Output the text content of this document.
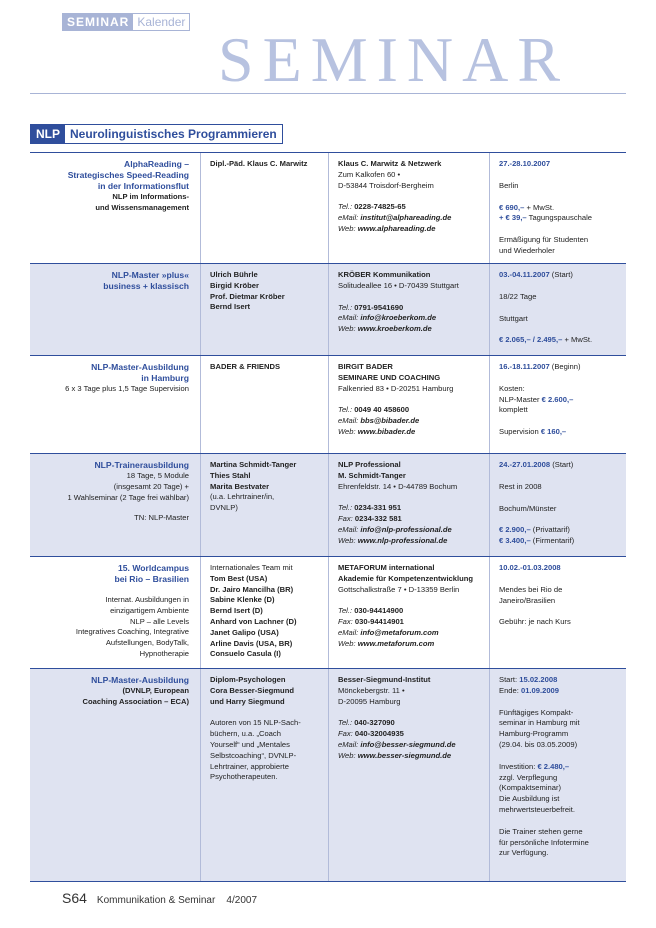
SEMINAR Kalender
SEMINAR
NLP Neurolinguistisches Programmieren
AlphaReading –
Strategisches Speed-Reading
in der Informationsflut
NLP im Informations-
und Wissensmanagement
Dipl.-Päd. Klaus C. Marwitz	Klaus C. Marwitz & Netzwerk
Zum Kalkofen 60 •
D-53844 Troisdorf-Bergheim
Tel.: 0228-74825-65
eMail: institut@alphareading.de
Web: www.alphareading.de
27.-28.10.2007
Berlin
€ 690,– + MwSt.
+ € 39,– Tagungspauschale
Ermäßigung für Studenten
und Wiederholer
NLP-Master »plus«
business + klassisch
Ulrich Bührle
Birgid Kröber
Prof. Dietmar Kröber
Bernd Isert
KRÖBER Kommunikation
Solitudeallee 16 • D-70439 Stuttgart
Tel.: 0791-9541690
eMail: info@kroeberkom.de
Web: www.kroeberkom.de
03.-04.11.2007 (Start)
18/22 Tage
Stuttgart
€ 2.065,– / 2.495,– + MwSt.
NLP-Master-Ausbildung
in Hamburg
6 x 3 Tage plus 1,5 Tage Supervision
BADER & FRIENDS	BIRGIT BADER
SEMINARE UND COACHING
Falkenried 83 • D-20251 Hamburg
Tel.: 0049 40 458600
eMail: bbs@bibader.de
Web: www.bibader.de
16.-18.11.2007 (Beginn)
Kosten:
NLP-Master € 2.600,–
komplett
Supervision € 160,–
NLP-Trainerausbildung
18 Tage, 5 Module
(insgesamt 20 Tage) +
1 Wahlseminar (2 Tage frei wählbar)
TN: NLP-Master
Martina Schmidt-Tanger
Thies Stahl
Marita Bestvater
(u.a. Lehrtrainer/in,
DVNLP)
NLP Professional
M. Schmidt-Tanger
Ehrenfeldstr. 14 • D-44789 Bochum
Tel.: 0234-331 951
Fax: 0234-332 581
eMail: info@nlp-professional.de
Web: www.nlp-professional.de
24.-27.01.2008 (Start)
Rest in 2008
Bochum/Münster
€ 2.900,– (Privattarif)
€ 3.400,– (Firmentarif)
15. Worldcampus
bei Rio – Brasilien
Internat. Ausbildungen in
einzigartigem Ambiente
NLP – alle Levels
Integratives Coaching, Integrative
Aufstellungen, BodyTalk,
Hypnotherapie
Internationales Team mit
Tom Best (USA)
Dr. Jairo Mancilha (BR)
Sabine Klenke (D)
Bernd Isert (D)
Anhard von Lachner (D)
Janet Galipo (USA)
Arline Davis (USA, BR)
Consuelo Casula (I)
METAFORUM international
Akademie für Kompetenzentwicklung
Gottschalkstraße 7 • D-13359 Berlin
Tel.: 030-94414900
Fax: 030-94414901
eMail: info@metaforum.com
Web: www.metaforum.com
10.02.-01.03.2008
Mendes bei Rio de
Janeiro/Brasilien
Gebühr: je nach Kurs
NLP-Master-Ausbildung
(DVNLP, European
Coaching Association – ECA)
Diplom-Psychologen
Cora Besser-Siegmund
und Harry Siegmund
Autoren von 15 NLP-Sach-
büchern, u.a. „Coach
Yourself“ und „Mentales
Selbstcoaching“, DVNLP-
Lehrtrainer, approbierte
Psychotherapeuten.
Besser-Siegmund-Institut
Mönckebergstr. 11 •
D-20095 Hamburg
Tel.: 040-327090
Fax: 040-32004935
eMail: info@besser-siegmund.de
Web: www.besser-siegmund.de
Start: 15.02.2008
Ende: 01.09.2009
Fünftägiges Kompakt-
seminar in Hamburg mit
Hamburg-Programm
(29.04. bis 03.05.2009)
Investition: € 2.480,–
zzgl. Verpflegung
(Kompaktseminar)
Die Ausbildung ist
mehrwertsteuerbefreit.
Die Trainer stehen gerne
für persönliche Infotermine
zur Verfügung.
S64 Kommunikation & Seminar    4/2007
